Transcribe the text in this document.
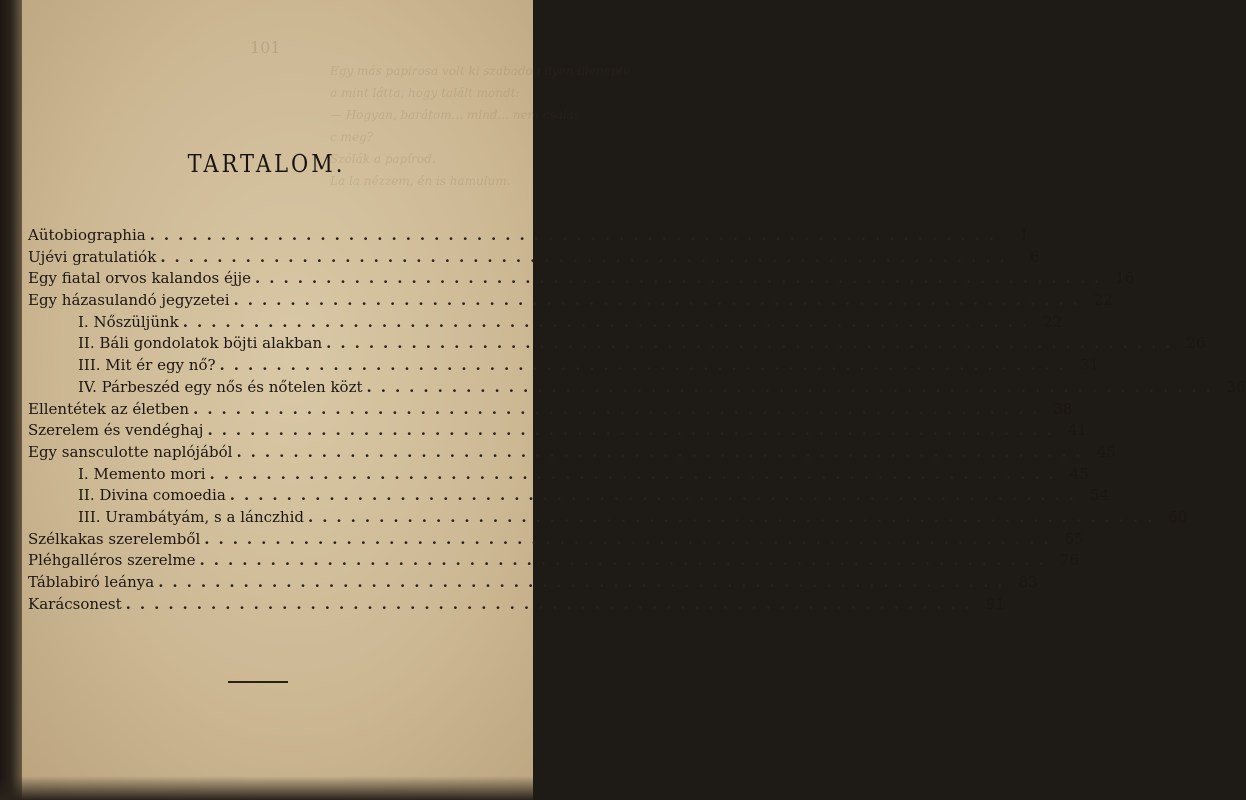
101
Egy más papirosa volt ki szabadon ilyen illenepte
a mint látta, hogy talált mondt:
— Hogyan, barátom... mind... nem csalás
c meg?
Szólák a papírod.
La la nézzem, én is hamulum.
TARTALOM.
Aütobiographia ............................................................	1
Ujévi gratulatiók ............................................................	6
Egy fiatal orvos kalandos éjje ............................................................ 16
Egy házasulandó jegyzetei ............................................................ 22
I. Nőszüljünk ............................................................ 22
II. Báli gondolatok böjti alakban ............................................................ 26
III. Mit ér egy nő? ............................................................ 31
IV. Párbeszéd egy nős és nőtelen közt ............................................................ 36
Ellentétek az életben ............................................................ 38
Szerelem és vendéghaj ............................................................ 41
Egy sansculotte naplójából ............................................................ 45
I. Memento mori ............................................................ 45
II. Divina comoedia ............................................................ 54
III. Urambátyám, s a lánczhid ............................................................ 60
Szélkakas szerelemből ............................................................ 65
Pléhgalléros szerelme ............................................................ 76
Táblabiró leánya ............................................................ 83
Karácsonest ............................................................ 91
